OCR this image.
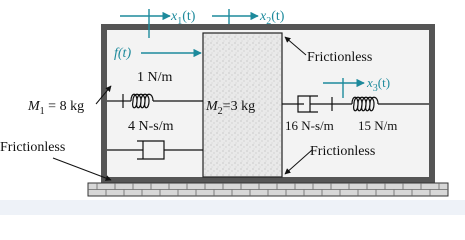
$x_1(t)$	$x_2(t)$
$x_3(t)$
f(t)
1 N/m
4 N-s/m
$M_1 = 8$ kg	$M_2=3$ kg
16 N-s/m 15 N/m
Frictionless
Frictionless
Frictionless
